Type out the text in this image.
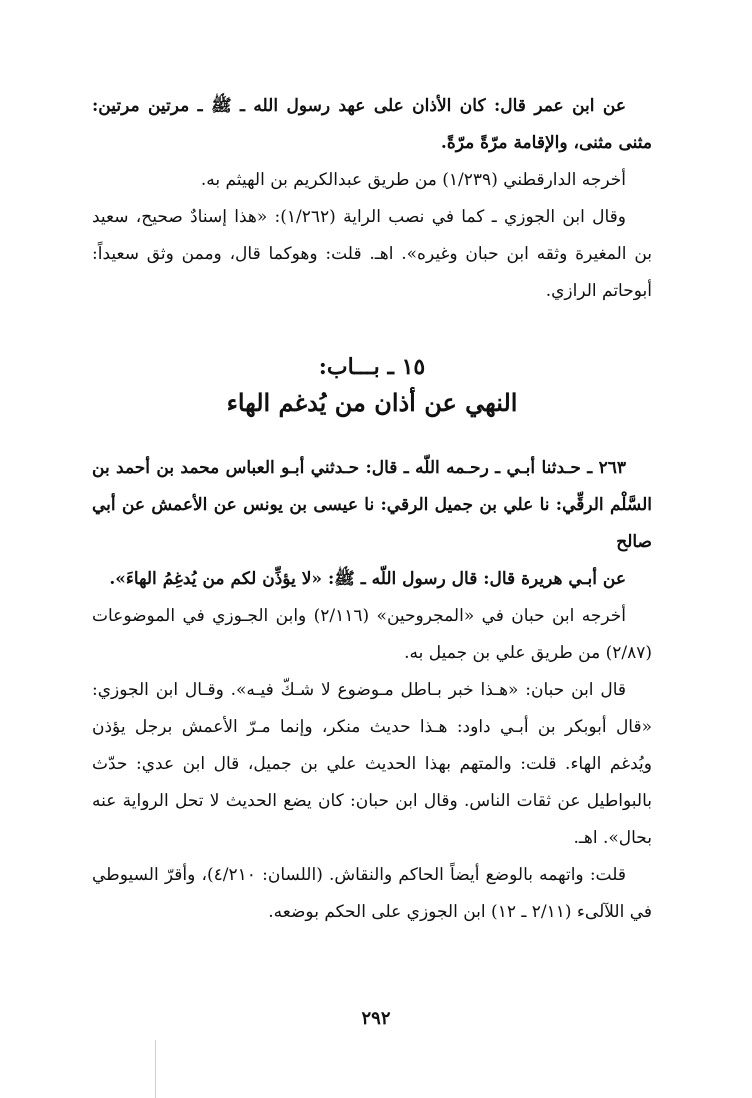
عن ابن عمر قال: كان الأذان على عهد رسول الله ـ ﷺ ـ مرتين مرتين: مثنى مثنى، والإقامة مرّةً مرّةً.

أخرجه الدارقطني (١/٢٣٩) من طريق عبدالكريم بن الهيثم به.

وقال ابن الجوزي ـ كما في نصب الراية (١/٢٦٢): «هذا إسنادٌ صحيح، سعيد بن المغيرة وثقه ابن حبان وغيره». اهـ. قلت: وهوكما قال، وممن وثق سعيداً: أبوحاتم الرازي.

١٥ ـ بـــاب:
النهي عن أذان من يُدغم الهاء

٢٦٣ ـ حـدثنا أبـي ـ رحـمه اللّه ـ قال: حـدثني أبـو العباس محمد بن أحمد بن السَّلْم الرقِّي: نا علي بن جميل الرقي: نا عيسى بن يونس عن الأعمش عن أبي صالح

عن أبـي هريرة قال: قال رسول اللّه ـ ﷺ: «لا يؤذِّن لكم من يُدغِمُ الهاءَ».

أخرجه ابن حبان في «المجروحين» (٢/١١٦) وابن الجـوزي في الموضوعات (٢/٨٧) من طريق علي بن جميل به.

قال ابن حبان: «هـذا خبر بـاطل مـوضوع لا شـكّ فيـه». وقـال ابن الجوزي: «قال أبوبكر بن أبـي داود: هـذا حديث منكر، وإنما مـرّ الأعمش برجل يؤذن ويُدغم الهاء. قلت: والمتهم بهذا الحديث علي بن جميل، قال ابن عدي: حدّث بالبواطيل عن ثقات الناس. وقال ابن حبان: كان يضع الحديث لا تحل الرواية عنه بحال». اهـ.

قلت: واتهمه بالوضع أيضاً الحاكم والنقاش. (اللسان: ٤/٢١٠)، وأقرّ السيوطي في اللآلىء (٢/١١ ـ ١٢) ابن الجوزي على الحكم بوضعه.

٢٩٢
